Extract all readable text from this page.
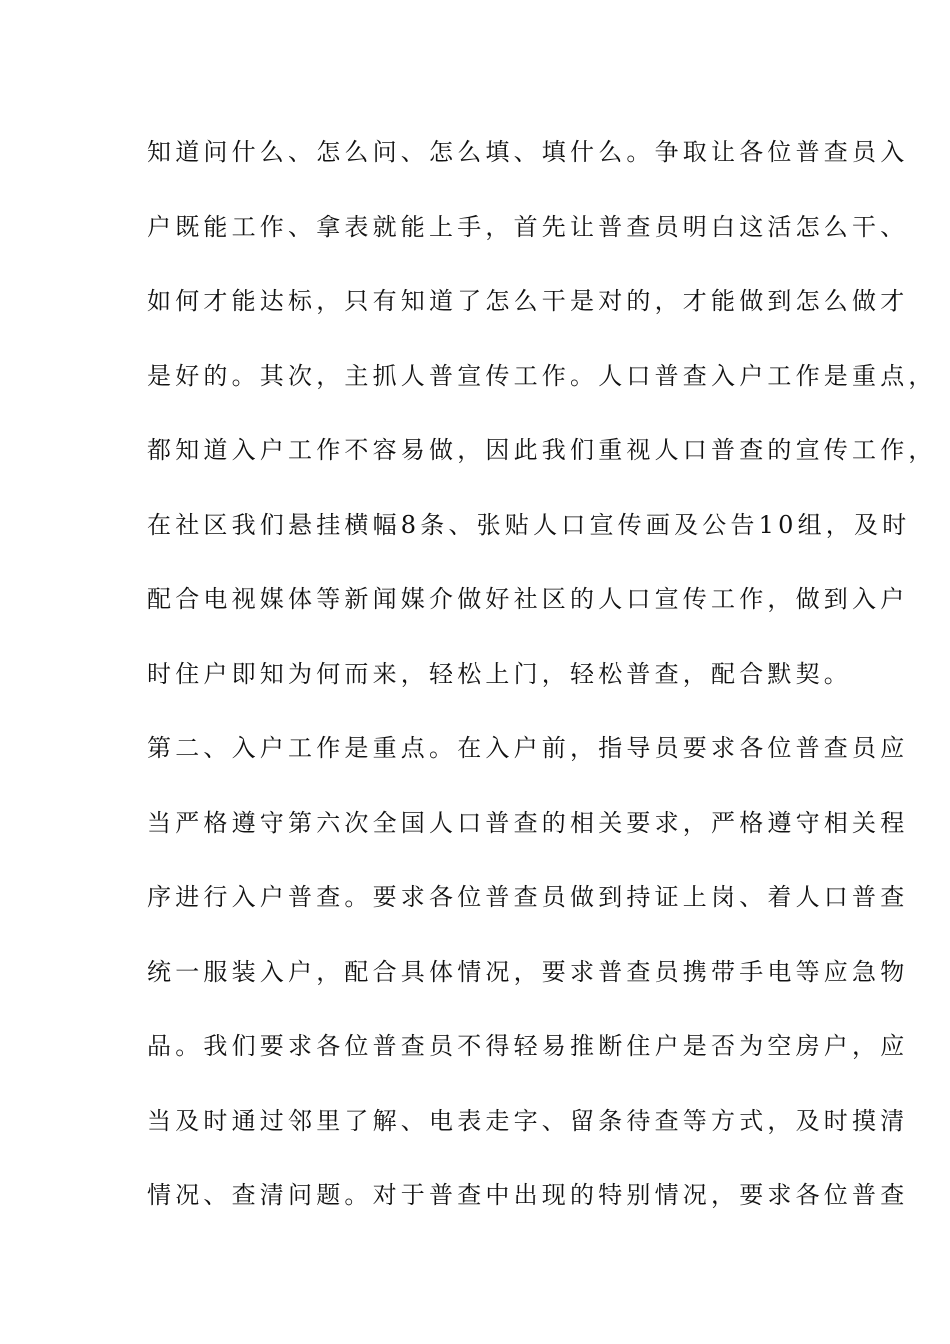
知道问什么、怎么问、怎么填、填什么。争取让各位普查员入
户既能工作、拿表就能上手，首先让普查员明白这活怎么干、
如何才能达标，只有知道了怎么干是对的，才能做到怎么做才
是好的。其次，主抓人普宣传工作。人口普查入户工作是重点，
都知道入户工作不容易做，因此我们重视人口普查的宣传工作，
在社区我们悬挂横幅8条、张贴人口宣传画及公告10组，及时
配合电视媒体等新闻媒介做好社区的人口宣传工作，做到入户
时住户即知为何而来，轻松上门，轻松普查，配合默契。
第二、入户工作是重点。在入户前，指导员要求各位普查员应
当严格遵守第六次全国人口普查的相关要求，严格遵守相关程
序进行入户普查。要求各位普查员做到持证上岗、着人口普查
统一服装入户，配合具体情况，要求普查员携带手电等应急物
品。我们要求各位普查员不得轻易推断住户是否为空房户，应
当及时通过邻里了解、电表走字、留条待查等方式，及时摸清
情况、查清问题。对于普查中出现的特别情况，要求各位普查
